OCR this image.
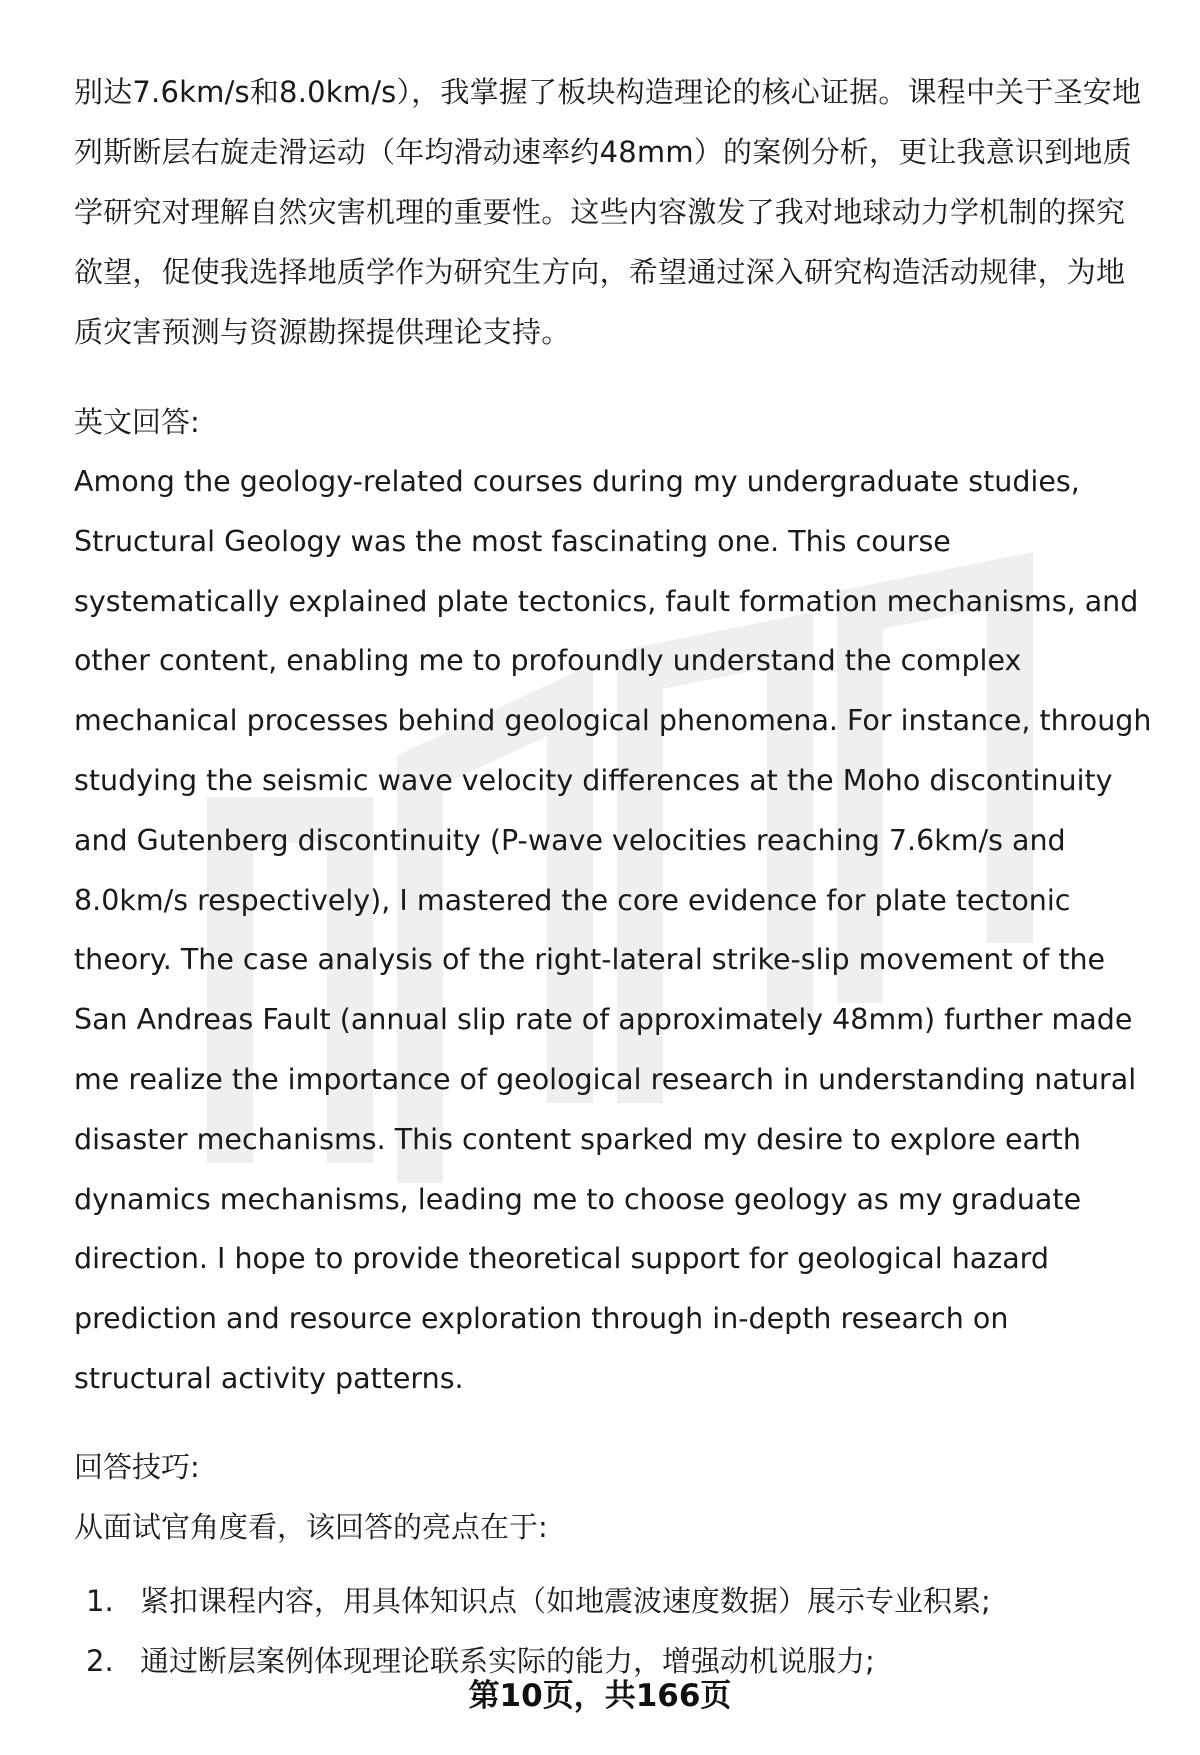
别达7.6km/s和8.0km/s），我掌握了板块构造理论的核心证据。课程中关于圣安地列斯断层右旋走滑运动（年均滑动速率约48mm）的案例分析，更让我意识到地质学研究对理解自然灾害机理的重要性。这些内容激发了我对地球动力学机制的探究欲望，促使我选择地质学作为研究生方向，希望通过深入研究构造活动规律，为地质灾害预测与资源勘探提供理论支持。

英文回答:

Among the geology-related courses during my undergraduate studies, Structural Geology was the most fascinating one. This course systematically explained plate tectonics, fault formation mechanisms, and other content, enabling me to profoundly understand the complex mechanical processes behind geological phenomena. For instance, through studying the seismic wave velocity differences at the Moho discontinuity and Gutenberg discontinuity (P-wave velocities reaching 7.6km/s and 8.0km/s respectively), I mastered the core evidence for plate tectonic theory. The case analysis of the right-lateral strike-slip movement of the San Andreas Fault (annual slip rate of approximately 48mm) further made me realize the importance of geological research in understanding natural disaster mechanisms. This content sparked my desire to explore earth dynamics mechanisms, leading me to choose geology as my graduate direction. I hope to provide theoretical support for geological hazard prediction and resource exploration through in-depth research on structural activity patterns.

回答技巧:

从面试官角度看，该回答的亮点在于:

1. 紧扣课程内容，用具体知识点（如地震波速度数据）展示专业积累;
2. 通过断层案例体现理论联系实际的能力，增强动机说服力;
第10页，共166页
